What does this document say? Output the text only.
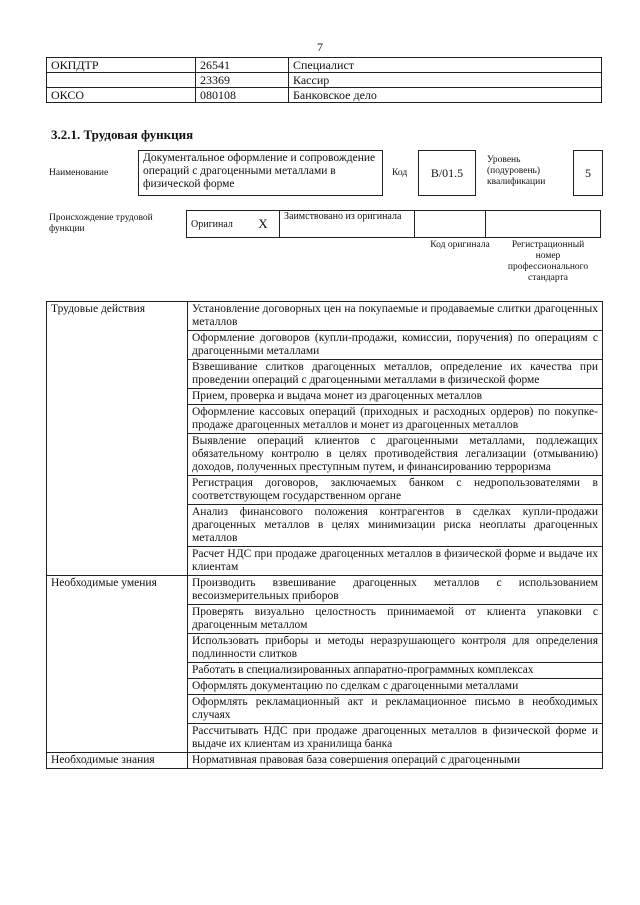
7
ОКПДТР	26541	Специалист
	23369	Кассир
ОКСО	080108	Банковское дело
3.2.1. Трудовая функция
Наименование
Документальное оформление и сопровождение операций с драгоценными металлами в физической форме
Код	B/01.5
Уровень (подуровень) квалификации
5
Происхождение трудовой функции	Оригинал	X	Заимствовано из оригинала		
Код оригинала	Регистрационный номер профессионального стандарта
Трудовые действия	Установление договорных цен на покупаемые и продаваемые слитки драгоценных металлов
	Оформление договоров (купли-продажи, комиссии, поручения) по операциям с драгоценными металлами
	Взвешивание слитков драгоценных металлов, определение их качества при проведении операций с драгоценными металлами в физической форме
	Прием, проверка и выдача монет из драгоценных металлов
	Оформление кассовых операций (приходных и расходных ордеров) по покупке-продаже драгоценных металлов и монет из драгоценных металлов
	Выявление операций клиентов с драгоценными металлами, подлежащих обязательному контролю в целях противодействия легализации (отмыванию) доходов, полученных преступным путем, и финансированию терроризма
	Регистрация договоров, заключаемых банком с недропользователями в соответствующем государственном органе
	Анализ финансового положения контрагентов в сделках купли-продажи драгоценных металлов в целях минимизации риска неоплаты драгоценных металлов
	Расчет НДС при продаже драгоценных металлов в физической форме и выдаче их клиентам
Необходимые умения	Производить взвешивание драгоценных металлов с использованием весоизмерительных приборов
	Проверять визуально целостность принимаемой от клиента упаковки с драгоценным металлом
	Использовать приборы и методы неразрушающего контроля для определения подлинности слитков
	Работать в специализированных аппаратно-программных комплексах
	Оформлять документацию по сделкам с драгоценными металлами
	Оформлять рекламационный акт и рекламационное письмо в необходимых случаях
	Рассчитывать НДС при продаже драгоценных металлов в физической форме и выдаче их клиентам из хранилища банка
Необходимые знания	Нормативная правовая база совершения операций с драгоценными
